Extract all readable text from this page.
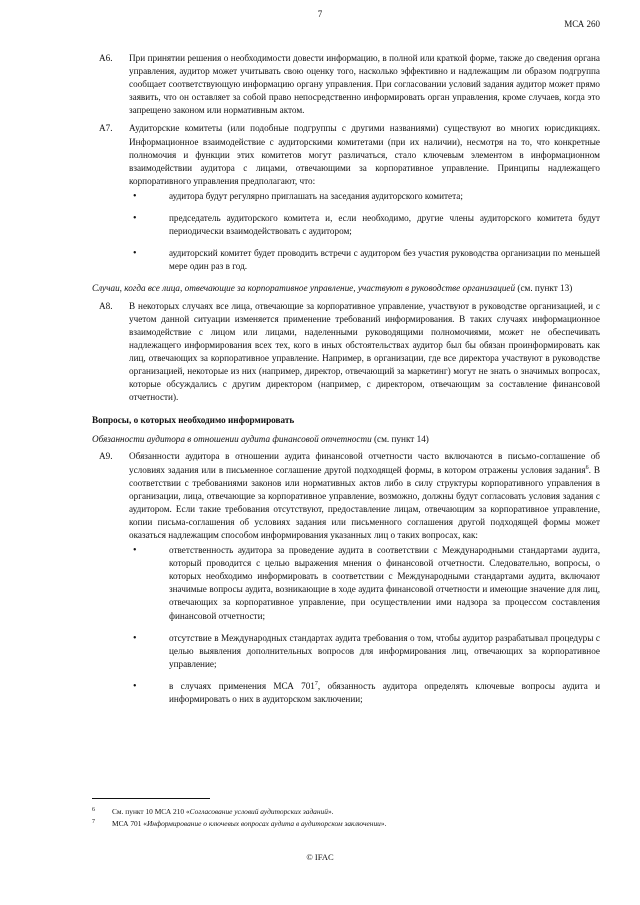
7
МСА 260
A6. При принятии решения о необходимости довести информацию, в полной или краткой форме, также до сведения органа управления, аудитор может учитывать свою оценку того, насколько эффективно и надлежащим ли образом подгруппа сообщает соответствующую информацию органу управления. При согласовании условий задания аудитор может прямо заявить, что он оставляет за собой право непосредственно информировать орган управления, кроме случаев, когда это запрещено законом или нормативным актом.
A7. Аудиторские комитеты (или подобные подгруппы с другими названиями) существуют во многих юрисдикциях. Информационное взаимодействие с аудиторскими комитетами (при их наличии), несмотря на то, что конкретные полномочия и функции этих комитетов могут различаться, стало ключевым элементом в информационном взаимодействии аудитора с лицами, отвечающими за корпоративное управление. Принципы надлежащего корпоративного управления предполагают, что:
•	аудитора будут регулярно приглашать на заседания аудиторского комитета;
•	председатель аудиторского комитета и, если необходимо, другие члены аудиторского комитета будут периодически взаимодействовать с аудитором;
•	аудиторский комитет будет проводить встречи с аудитором без участия руководства организации по меньшей мере один раз в год.
Случаи, когда все лица, отвечающие за корпоративное управление, участвуют в руководстве организацией (см. пункт 13)
A8. В некоторых случаях все лица, отвечающие за корпоративное управление, участвуют в руководстве организацией, и с учетом данной ситуации изменяется применение требований информирования. В таких случаях информационное взаимодействие с лицом или лицами, наделенными руководящими полномочиями, может не обеспечивать надлежащего информирования всех тех, кого в иных обстоятельствах аудитор был бы обязан проинформировать как лиц, отвечающих за корпоративное управление. Например, в организации, где все директора участвуют в руководстве организацией, некоторые из них (например, директор, отвечающий за маркетинг) могут не знать о значимых вопросах, которые обсуждались с другим директором (например, с директором, отвечающим за составление финансовой отчетности).
Вопросы, о которых необходимо информировать
Обязанности аудитора в отношении аудита финансовой отчетности (см. пункт 14)
A9. Обязанности аудитора в отношении аудита финансовой отчетности часто включаются в письмо-соглашение об условиях задания или в письменное соглашение другой подходящей формы, в котором отражены условия задания$^6$. В соответствии с требованиями законов или нормативных актов либо в силу структуры корпоративного управления в организации, лица, отвечающие за корпоративное управление, возможно, должны будут согласовать условия задания с аудитором. Если такие требования отсутствуют, предоставление лицам, отвечающим за корпоративное управление, копии письма-соглашения об условиях задания или письменного соглашения другой подходящей формы может оказаться надлежащим способом информирования указанных лиц о таких вопросах, как:
•	ответственность аудитора за проведение аудита в соответствии с Международными стандартами аудита, который проводится с целью выражения мнения о финансовой отчетности. Следовательно, вопросы, о которых необходимо информировать в соответствии с Международными стандартами аудита, включают значимые вопросы аудита, возникающие в ходе аудита финансовой отчетности и имеющие значение для лиц, отвечающих за корпоративное управление, при осуществлении ими надзора за процессом составления финансовой отчетности;
•	отсутствие в Международных стандартах аудита требования о том, чтобы аудитор разрабатывал процедуры с целью выявления дополнительных вопросов для информирования лиц, отвечающих за корпоративное управление;
•	в случаях применения МСА $701^7$, обязанность аудитора определять ключевые вопросы аудита и информировать о них в аудиторском заключении;
6 См. пункт 10 МСА 210 «Согласование условий аудиторских заданий».
7 МСА 701 «Информирование о ключевых вопросах аудита в аудиторском заключении».
© IFAC
